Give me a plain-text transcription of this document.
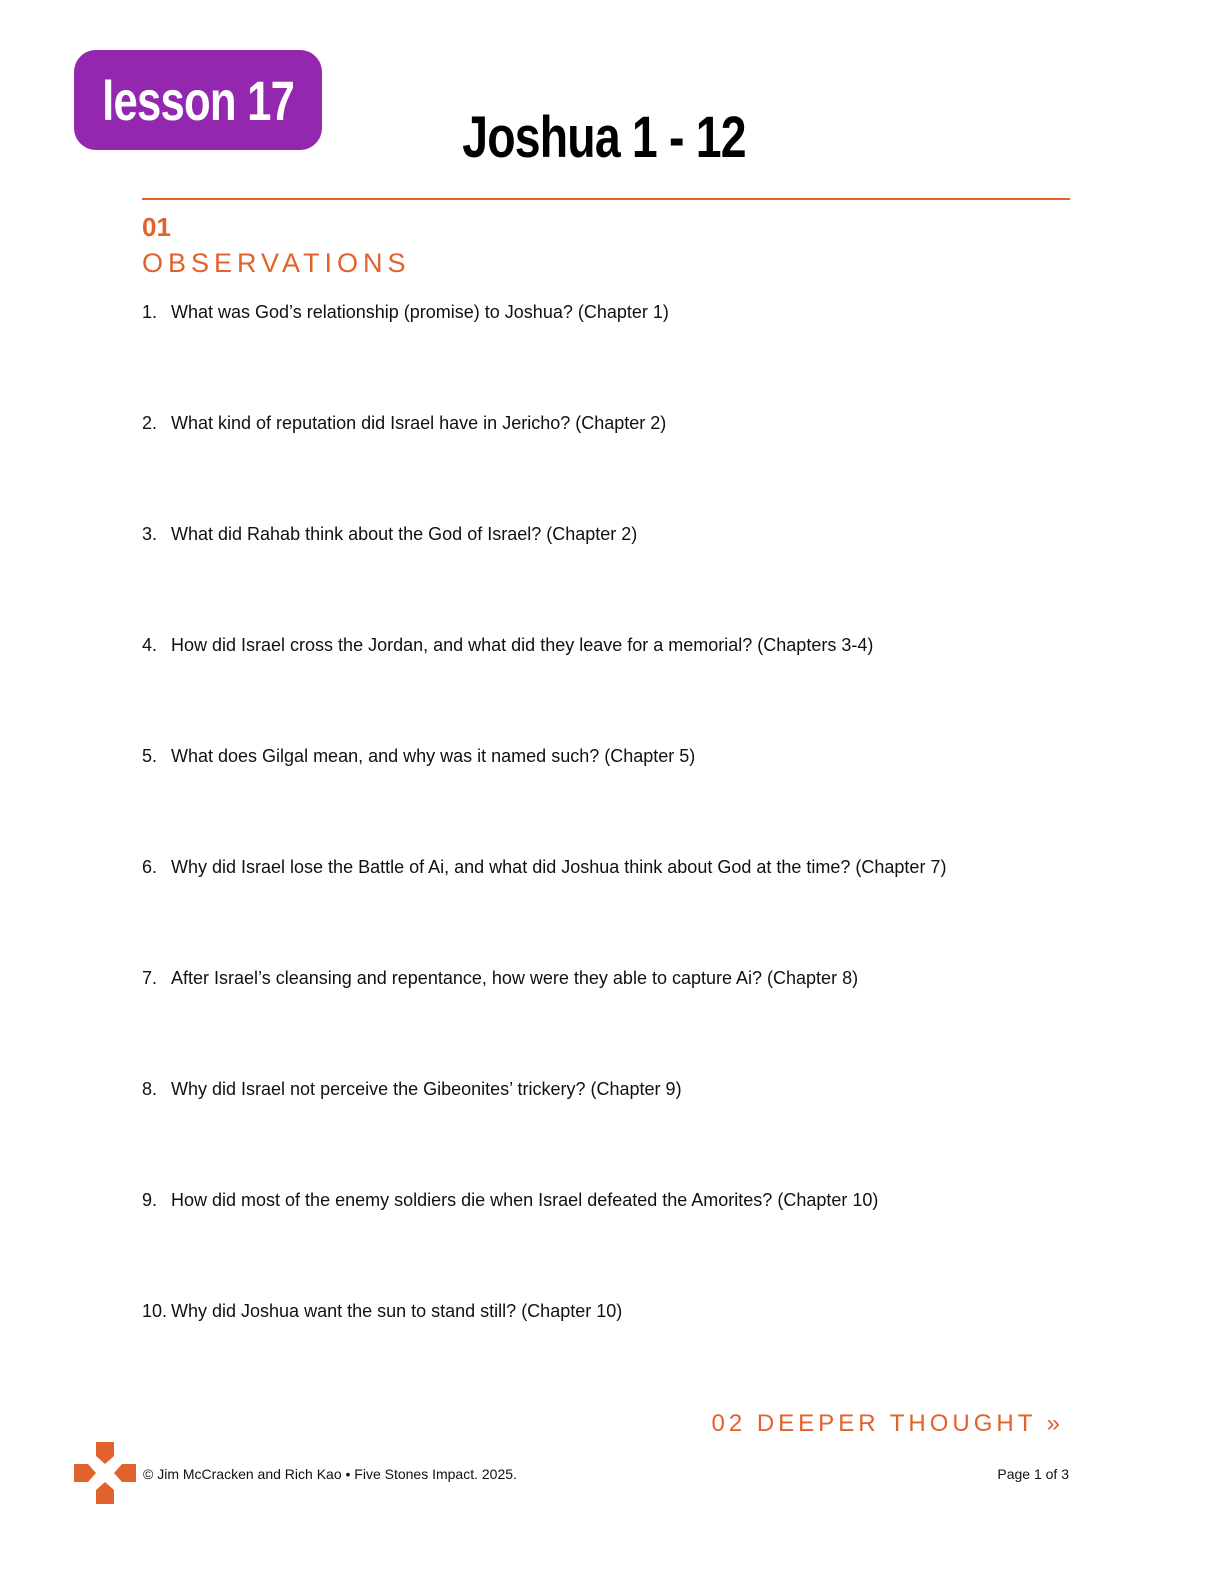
lesson 17
Joshua 1 - 12
01
OBSERVATIONS
1. What was God’s relationship (promise) to Joshua? (Chapter 1)
2. What kind of reputation did Israel have in Jericho? (Chapter 2)
3. What did Rahab think about the God of Israel? (Chapter 2)
4. How did Israel cross the Jordan, and what did they leave for a memorial? (Chapters 3-4)
5. What does Gilgal mean, and why was it named such? (Chapter 5)
6. Why did Israel lose the Battle of Ai, and what did Joshua think about God at the time? (Chapter 7)
7. After Israel’s cleansing and repentance, how were they able to capture Ai? (Chapter 8)
8. Why did Israel not perceive the Gibeonites’ trickery? (Chapter 9)
9. How did most of the enemy soldiers die when Israel defeated the Amorites? (Chapter 10)
10. Why did Joshua want the sun to stand still? (Chapter 10)
02 DEEPER THOUGHT »
© Jim McCracken and Rich Kao • Five Stones Impact. 2025.	Page 1 of 3
